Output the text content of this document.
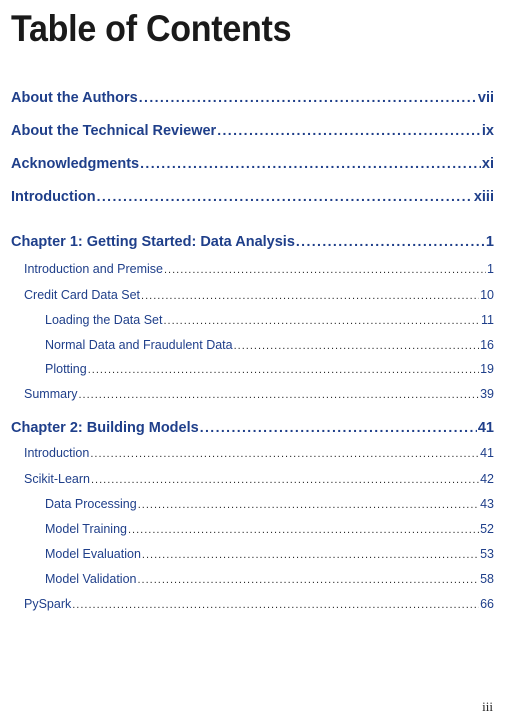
Table of Contents
About the Authors .....	vii
About the Technical Reviewer .....	ix
Acknowledgments .....	xi
Introduction .....	xiii
Chapter 1: Getting Started: Data Analysis .....	1
Introduction and Premise .....	1
Credit Card Data Set .....	10
Loading the Data Set .....	11
Normal Data and Fraudulent Data .....	16
Plotting .....	19
Summary .....	39
Chapter 2: Building Models .....	41
Introduction .....	41
Scikit-Learn .....	42
Data Processing .....	43
Model Training .....	52
Model Evaluation .....	53
Model Validation .....	58
PySpark .....	66
iii
